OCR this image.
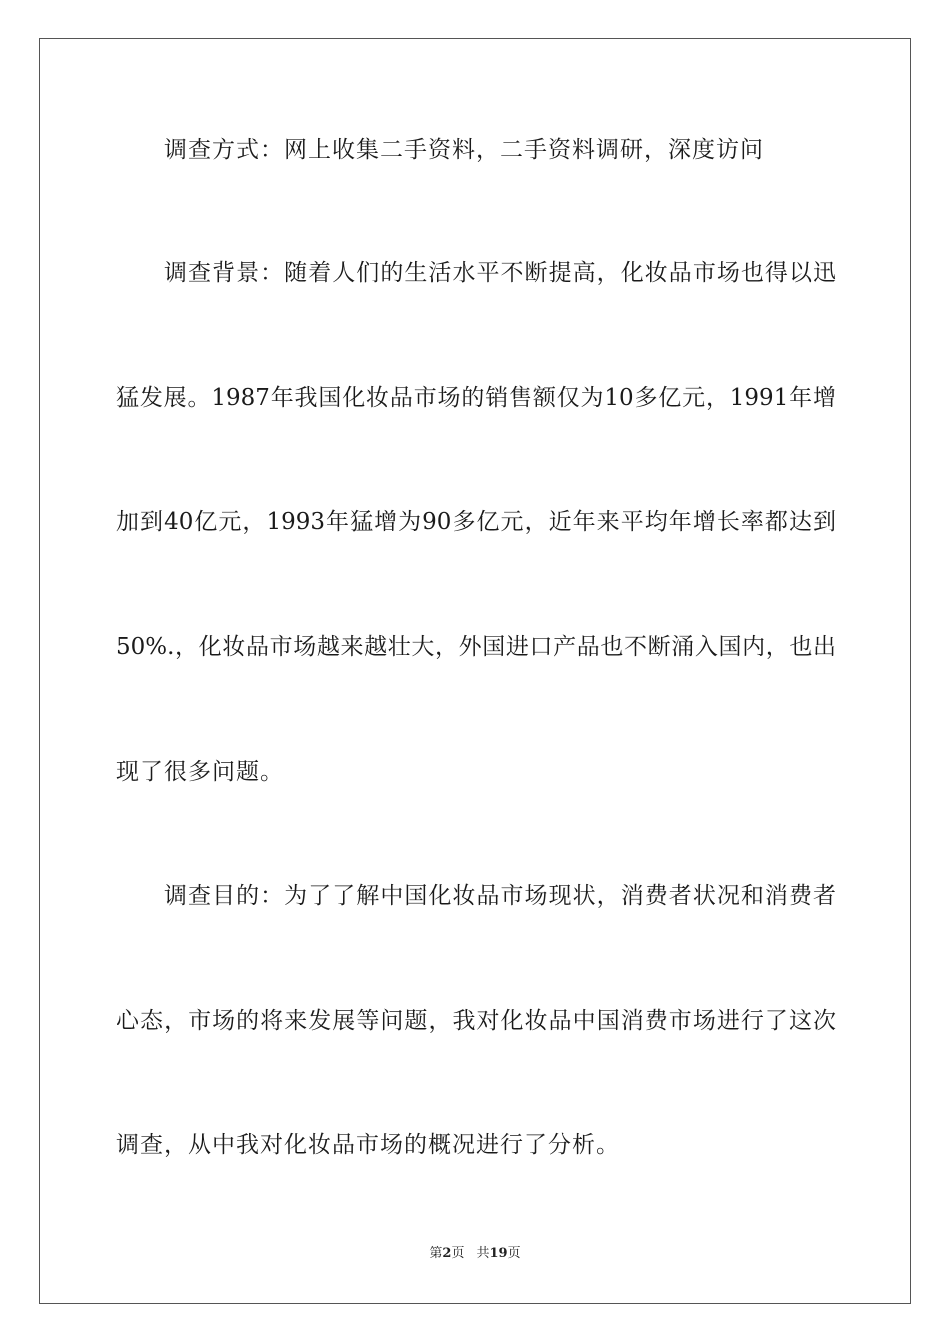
调查方式：网上收集二手资料，二手资料调研，深度访问
调查背景：随着人们的生活水平不断提高，化妆品市场也得以迅
猛发展。1987年我国化妆品市场的销售额仅为10多亿元，1991年增
加到40亿元，1993年猛增为90多亿元，近年来平均年增长率都达到
50%.，化妆品市场越来越壮大，外国进口产品也不断涌入国内，也出
现了很多问题。
调查目的：为了了解中国化妆品市场现状，消费者状况和消费者
心态，市场的将来发展等问题，我对化妆品中国消费市场进行了这次
调查，从中我对化妆品市场的概况进行了分析。
第2页 共19页
